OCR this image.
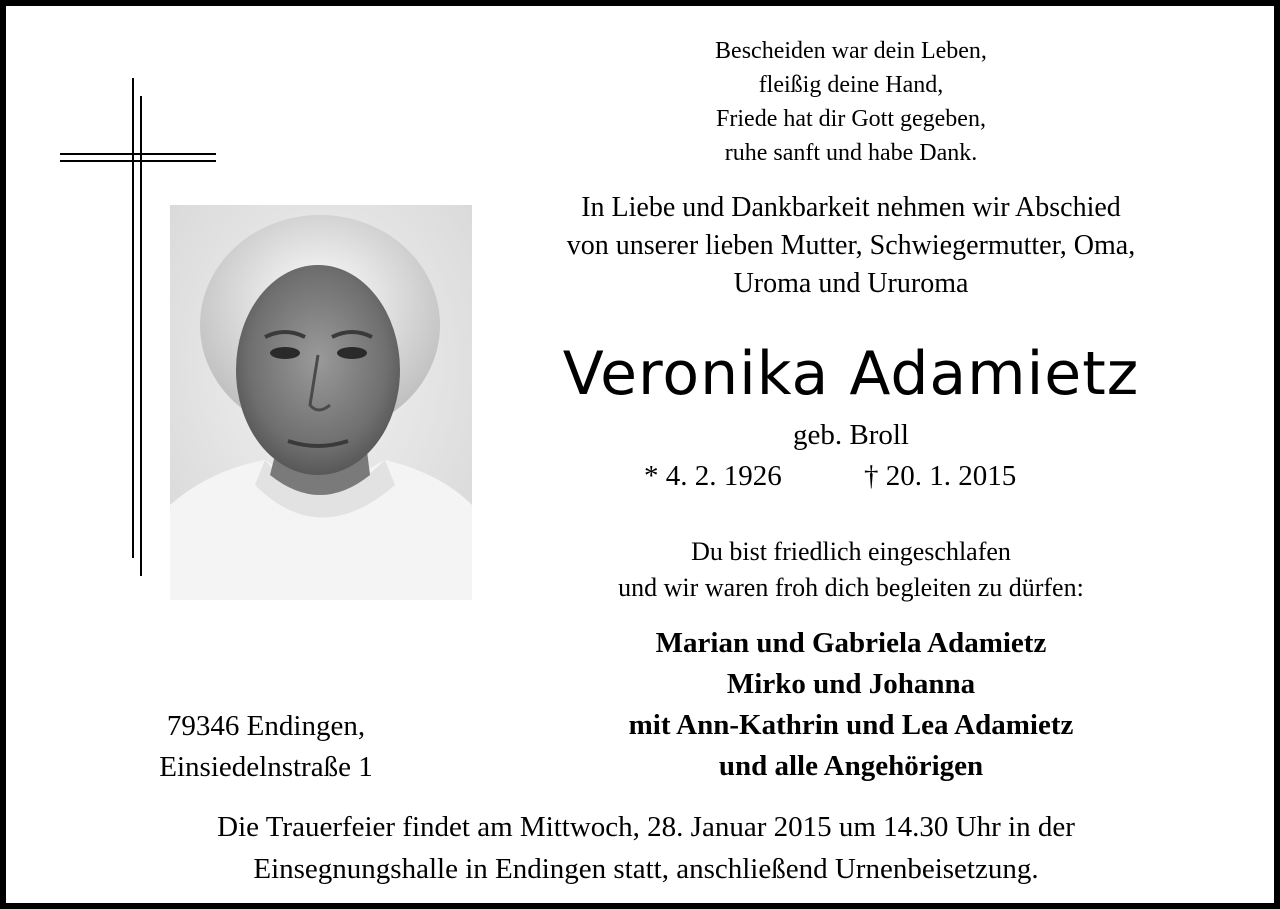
Bescheiden war dein Leben,
fleißig deine Hand,
Friede hat dir Gott gegeben,
ruhe sanft und habe Dank.
In Liebe und Dankbarkeit nehmen wir Abschied
von unserer lieben Mutter, Schwiegermutter, Oma,
Uroma und Ururoma
Veronika Adamietz
geb. Broll
* 4. 2. 1926	† 20. 1. 2015
Du bist friedlich eingeschlafen
und wir waren froh dich begleiten zu dürfen:
Marian und Gabriela Adamietz
Mirko und Johanna
mit Ann-Kathrin und Lea Adamietz
und alle Angehörigen
79346 Endingen,
Einsiedelnstraße 1
Die Trauerfeier findet am Mittwoch, 28. Januar 2015 um 14.30 Uhr in der
Einsegnungshalle in Endingen statt, anschließend Urnenbeisetzung.
